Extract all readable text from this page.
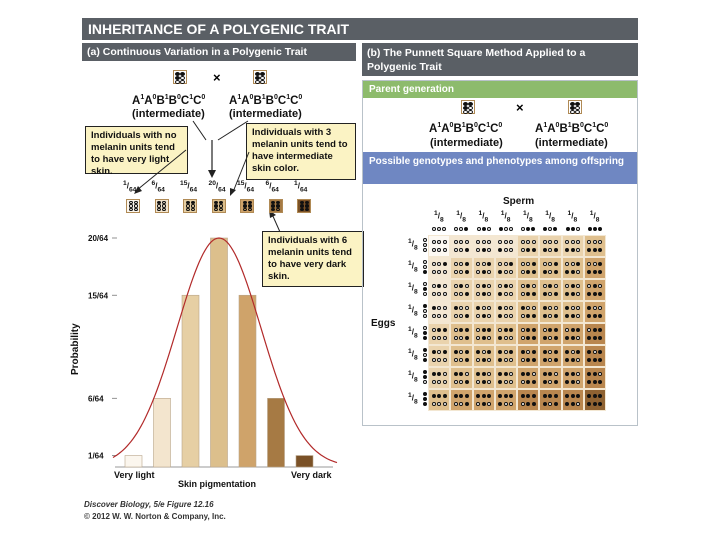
INHERITANCE OF A POLYGENIC TRAIT
(a) Continuous Variation in a Polygenic Trait
×
$A^1A^0B^1B^0C^1C^0$ $A^1A^0B^1B^0C^1C^0$
(intermediate) (intermediate)
Individuals with no melanin units tend to have very light skin.
Individuals with 3 melanin units tend to have intermediate skin color.
$^1/_{64}$
$^6/_{64}$
$^{15}/_{64}$
$^{20}/_{64}$
$^{15}/_{64}$
$^6/_{64}$
$^1/_{64}$
20/64
15/64
6/64
1/64
Individuals with 6 melanin units tend to have very dark skin.
Probability
Very light	Very dark
Skin pigmentation
Discover Biology, 5/e Figure 12.16
© 2012 W. W. Norton & Company, Inc.
(b) The Punnett Square Method Applied to a Polygenic Trait
Parent generation
×
$A^1A^0B^1B^0C^1C^0$	$A^1A^0B^1B^0C^1C^0$
(intermediate)	(intermediate)
Possible genotypes and phenotypes among offspring
Sperm
Eggs
$^1/_8$
$^1/_8$
$^1/_8$
$^1/_8$
$^1/_8$
$^1/_8$
$^1/_8$
$^1/_8$
$^1/_8$
$^1/_8$
$^1/_8$
$^1/_8$
$^1/_8$
$^1/_8$
$^1/_8$
$^1/_8$
